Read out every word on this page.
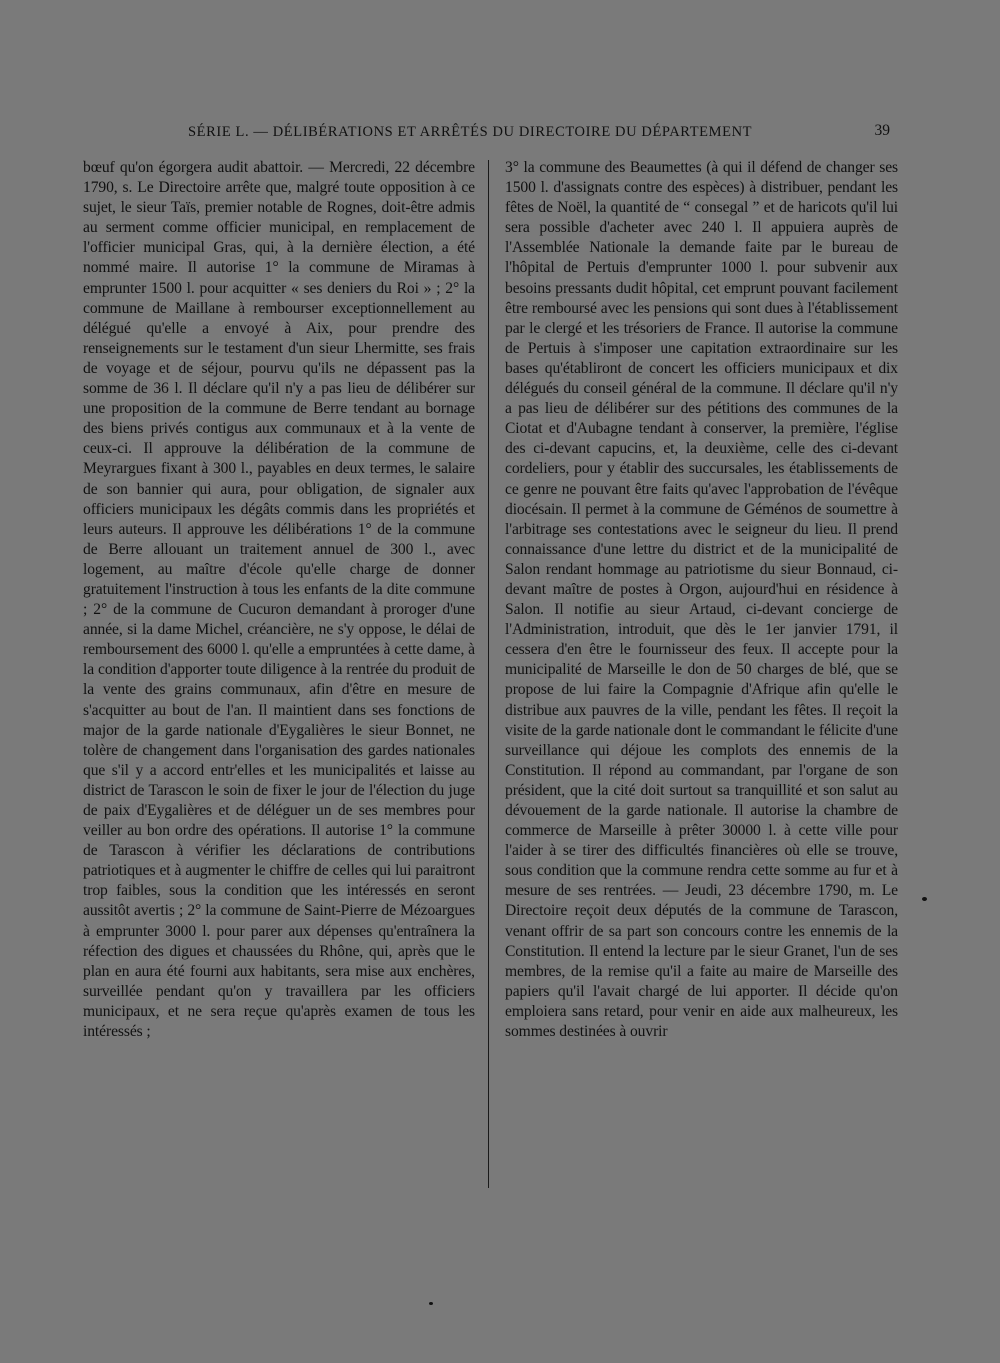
SÉRIE L. — DÉLIBÉRATIONS ET ARRÊTÉS DU DIRECTOIRE DU DÉPARTEMENT	39

bœuf qu'on égorgera audit abattoir. — Mercredi, 22 décembre 1790, s. Le Directoire arrête que, malgré toute opposition à ce sujet, le sieur Taïs, premier notable de Rognes, doit-être admis au serment comme officier municipal, en remplacement de l'officier municipal Gras, qui, à la dernière élection, a été nommé maire. Il autorise 1° la commune de Miramas à emprunter 1500 l. pour acquitter « ses deniers du Roi » ; 2° la commune de Maillane à rembourser exceptionnellement au délégué qu'elle a envoyé à Aix, pour prendre des renseignements sur le testament d'un sieur Lhermitte, ses frais de voyage et de séjour, pourvu qu'ils ne dépassent pas la somme de 36 l. Il déclare qu'il n'y a pas lieu de délibérer sur une proposition de la commune de Berre tendant au bornage des biens privés contigus aux communaux et à la vente de ceux-ci. Il approuve la délibération de la commune de Meyrargues fixant à 300 l., payables en deux termes, le salaire de son bannier qui aura, pour obligation, de signaler aux officiers municipaux les dégâts commis dans les propriétés et leurs auteurs. Il approuve les délibérations 1° de la commune de Berre allouant un traitement annuel de 300 l., avec logement, au maître d'école qu'elle charge de donner gratuitement l'instruction à tous les enfants de la dite commune ; 2° de la commune de Cucuron demandant à proroger d'une année, si la dame Michel, créancière, ne s'y oppose, le délai de remboursement des 6000 l. qu'elle a empruntées à cette dame, à la condition d'apporter toute diligence à la rentrée du produit de la vente des grains communaux, afin d'être en mesure de s'acquitter au bout de l'an. Il maintient dans ses fonctions de major de la garde nationale d'Eygalières le sieur Bonnet, ne tolère de changement dans l'organisation des gardes nationales que s'il y a accord entr'elles et les municipalités et laisse au district de Tarascon le soin de fixer le jour de l'élection du juge de paix d'Eygalières et de déléguer un de ses membres pour veiller au bon ordre des opérations. Il autorise 1° la commune de Tarascon à vérifier les déclarations de contributions patriotiques et à augmenter le chiffre de celles qui lui paraitront trop faibles, sous la condition que les intéressés en seront aussitôt avertis ; 2° la commune de Saint-Pierre de Mézoargues à emprunter 3000 l. pour parer aux dépenses qu'entraînera la réfection des digues et chaussées du Rhône, qui, après que le plan en aura été fourni aux habitants, sera mise aux enchères, surveillée pendant qu'on y travaillera par les officiers municipaux, et ne sera reçue qu'après examen de tous les intéressés ;

3° la commune des Beaumettes (à qui il défend de changer ses 1500 l. d'assignats contre des espèces) à distribuer, pendant les fêtes de Noël, la quantité de “ consegal ” et de haricots qu'il lui sera possible d'acheter avec 240 l. Il appuiera auprès de l'Assemblée Nationale la demande faite par le bureau de l'hôpital de Pertuis d'emprunter 1000 l. pour subvenir aux besoins pressants dudit hôpital, cet emprunt pouvant facilement être remboursé avec les pensions qui sont dues à l'établissement par le clergé et les trésoriers de France. Il autorise la commune de Pertuis à s'imposer une capitation extraordinaire sur les bases qu'établiront de concert les officiers municipaux et dix délégués du conseil général de la commune. Il déclare qu'il n'y a pas lieu de délibérer sur des pétitions des communes de la Ciotat et d'Aubagne tendant à conserver, la première, l'église des ci-devant capucins, et, la deuxième, celle des ci-devant cordeliers, pour y établir des succursales, les établissements de ce genre ne pouvant être faits qu'avec l'approbation de l'évêque diocésain. Il permet à la commune de Géménos de soumettre à l'arbitrage ses contestations avec le seigneur du lieu. Il prend connaissance d'une lettre du district et de la municipalité de Salon rendant hommage au patriotisme du sieur Bonnaud, ci-devant maître de postes à Orgon, aujourd'hui en résidence à Salon. Il notifie au sieur Artaud, ci-devant concierge de l'Administration, introduit, que dès le 1er janvier 1791, il cessera d'en être le fournisseur des feux. Il accepte pour la municipalité de Marseille le don de 50 charges de blé, que se propose de lui faire la Compagnie d'Afrique afin qu'elle le distribue aux pauvres de la ville, pendant les fêtes. Il reçoit la visite de la garde nationale dont le commandant le félicite d'une surveillance qui déjoue les complots des ennemis de la Constitution. Il répond au commandant, par l'organe de son président, que la cité doit surtout sa tranquillité et son salut au dévouement de la garde nationale. Il autorise la chambre de commerce de Marseille à prêter 30000 l. à cette ville pour l'aider à se tirer des difficultés financières où elle se trouve, sous condition que la commune rendra cette somme au fur et à mesure de ses rentrées. — Jeudi, 23 décembre 1790, m. Le Directoire reçoit deux députés de la commune de Tarascon, venant offrir de sa part son concours contre les ennemis de la Constitution. Il entend la lecture par le sieur Granet, l'un de ses membres, de la remise qu'il a faite au maire de Marseille des papiers qu'il l'avait chargé de lui apporter. Il décide qu'on emploiera sans retard, pour venir en aide aux malheureux, les sommes destinées à ouvrir
